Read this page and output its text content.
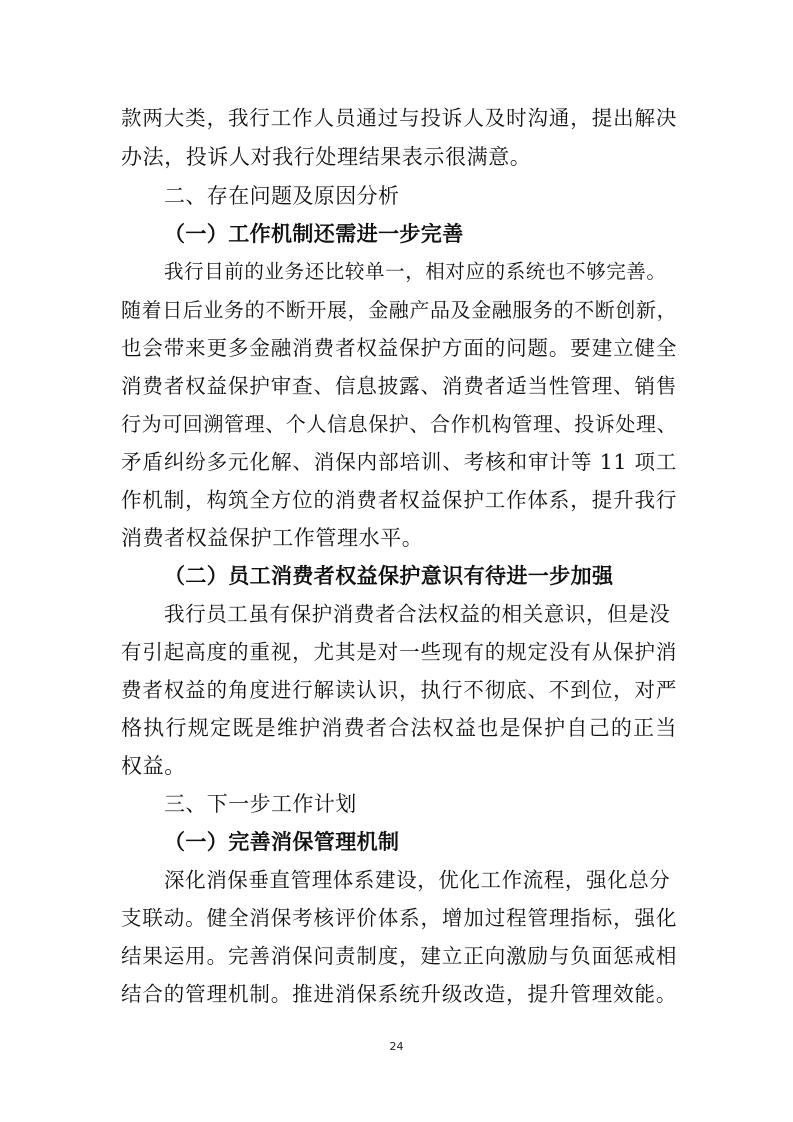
款两大类，我行工作人员通过与投诉人及时沟通，提出解决
办法，投诉人对我行处理结果表示很满意。
二、存在问题及原因分析
（一）工作机制还需进一步完善
我行目前的业务还比较单一，相对应的系统也不够完善。
随着日后业务的不断开展，金融产品及金融服务的不断创新，
也会带来更多金融消费者权益保护方面的问题。要建立健全
消费者权益保护审查、信息披露、消费者适当性管理、销售
行为可回溯管理、个人信息保护、合作机构管理、投诉处理、
矛盾纠纷多元化解、消保内部培训、考核和审计等 11 项工
作机制，构筑全方位的消费者权益保护工作体系，提升我行
消费者权益保护工作管理水平。
（二）员工消费者权益保护意识有待进一步加强
我行员工虽有保护消费者合法权益的相关意识，但是没
有引起高度的重视，尤其是对一些现有的规定没有从保护消
费者权益的角度进行解读认识，执行不彻底、不到位，对严
格执行规定既是维护消费者合法权益也是保护自己的正当
权益。
三、下一步工作计划
（一）完善消保管理机制
深化消保垂直管理体系建设，优化工作流程，强化总分
支联动。健全消保考核评价体系，增加过程管理指标，强化
结果运用。完善消保问责制度，建立正向激励与负面惩戒相
结合的管理机制。推进消保系统升级改造，提升管理效能。
24
